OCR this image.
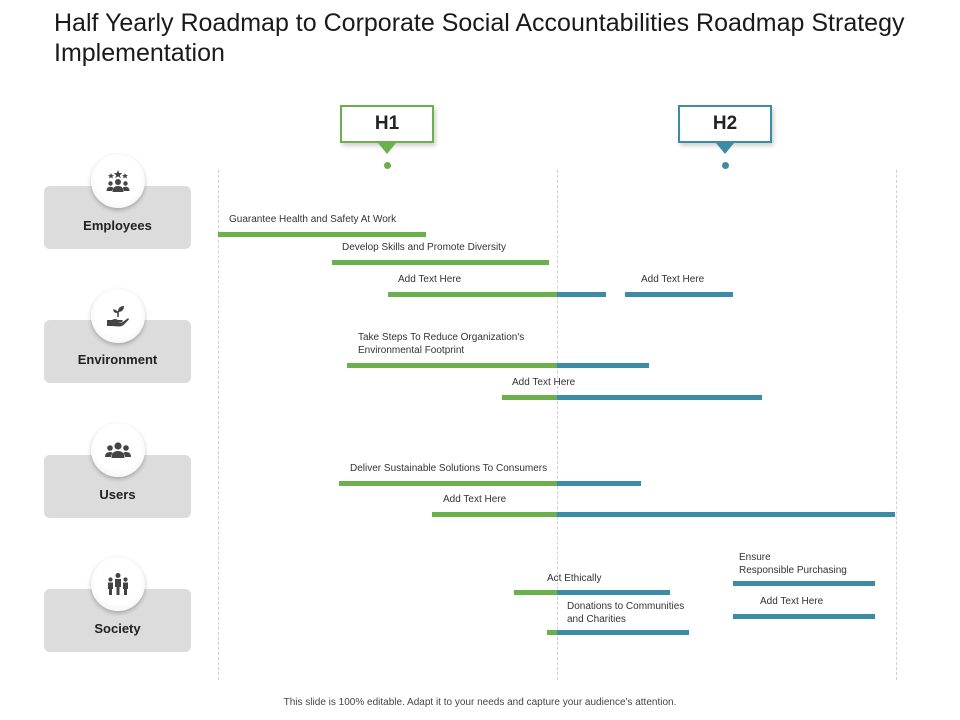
Half Yearly Roadmap to Corporate Social Accountabilities Roadmap Strategy Implementation
H1	H2
Employees
Environment
Users
Society
Guarantee Health and Safety At Work
Develop Skills and Promote Diversity
Add Text Here	Add Text Here
Take Steps To Reduce Organization's
Environmental Footprint
Add Text Here
Deliver Sustainable Solutions To Consumers
Add Text Here
Act Ethically
Donations to Communities
and Charities
Ensure
Responsible Purchasing
Add Text Here
This slide is 100% editable. Adapt it to your needs and capture your audience's attention.
